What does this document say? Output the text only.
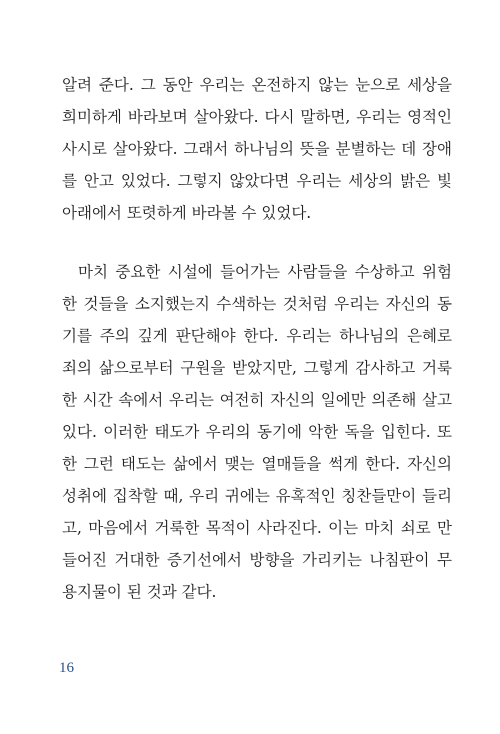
알려 준다. 그 동안 우리는 온전하지 않는 눈으로 세상을
희미하게 바라보며 살아왔다. 다시 말하면, 우리는 영적인
사시로 살아왔다. 그래서 하나님의 뜻을 분별하는 데 장애
를 안고 있었다. 그렇지 않았다면 우리는 세상의 밝은 빛
아래에서 또렷하게 바라볼 수 있었다.
마치 중요한 시설에 들어가는 사람들을 수상하고 위험
한 것들을 소지했는지 수색하는 것처럼 우리는 자신의 동
기를 주의 깊게 판단해야 한다. 우리는 하나님의 은혜로
죄의 삶으로부터 구원을 받았지만, 그렇게 감사하고 거룩
한 시간 속에서 우리는 여전히 자신의 일에만 의존해 살고
있다. 이러한 태도가 우리의 동기에 악한 독을 입힌다. 또
한 그런 태도는 삶에서 맺는 열매들을 썩게 한다. 자신의
성취에 집착할 때, 우리 귀에는 유혹적인 칭찬들만이 들리
고, 마음에서 거룩한 목적이 사라진다. 이는 마치 쇠로 만
들어진 거대한 증기선에서 방향을 가리키는 나침판이 무
용지물이 된 것과 같다.
16
